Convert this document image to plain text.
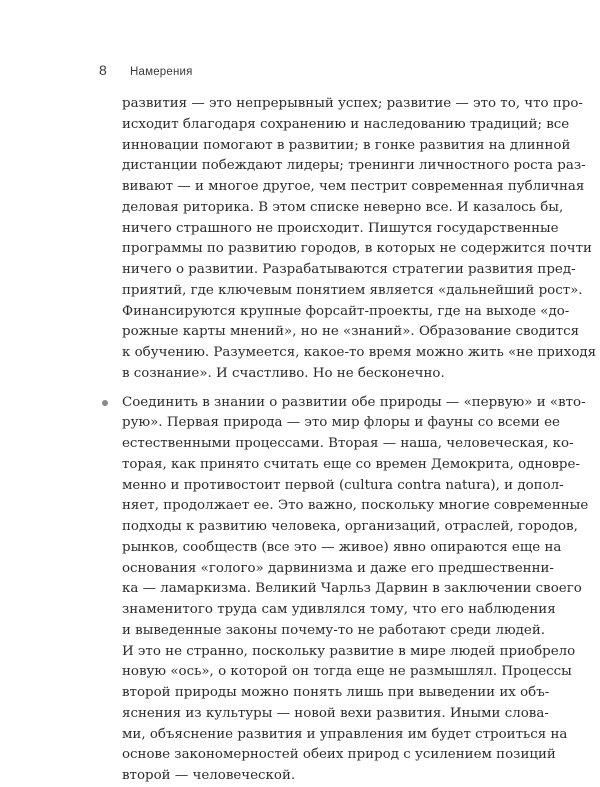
8	Намерения

развития — это непрерывный успех; развитие — это то, что про-
исходит благодаря сохранению и наследованию традиций; все
инновации помогают в развитии; в гонке развития на длинной
дистанции побеждают лидеры; тренинги личностного роста раз-
вивают — и многое другое, чем пестрит современная публичная
деловая риторика. В этом списке неверно все. И казалось бы,
ничего страшного не происходит. Пишутся государственные
программы по развитию городов, в которых не содержится почти
ничего о развитии. Разрабатываются стратегии развития пред-
приятий, где ключевым понятием является «дальнейший рост».
Финансируются крупные форсайт-проекты, где на выходе «до-
рожные карты мнений», но не «знаний». Образование сводится
к обучению. Разумеется, какое-то время можно жить «не приходя
в сознание». И счастливо. Но не бесконечно.

Соединить в знании о развитии обе природы — «первую» и «вто-
рую». Первая природа — это мир флоры и фауны со всеми ее
естественными процессами. Вторая — наша, человеческая, ко-
торая, как принято считать еще со времен Демокрита, одновре-
менно и противостоит первой (cultura contra natura), и допол-
няет, продолжает ее. Это важно, поскольку многие современные
подходы к развитию человека, организаций, отраслей, городов,
рынков, сообществ (все это — живое) явно опираются еще на
основания «голого» дарвинизма и даже его предшественни-
ка — ламаркизма. Великий Чарльз Дарвин в заключении своего
знаменитого труда сам удивлялся тому, что его наблюдения
и выведенные законы почему-то не работают среди людей.
И это не странно, поскольку развитие в мире людей приобрело
новую «ось», о которой он тогда еще не размышлял. Процессы
второй природы можно понять лишь при выведении их объ-
яснения из культуры — новой вехи развития. Иными слова-
ми, объяснение развития и управления им будет строиться на
основе закономерностей обеих природ с усилением позиций
второй — человеческой.
